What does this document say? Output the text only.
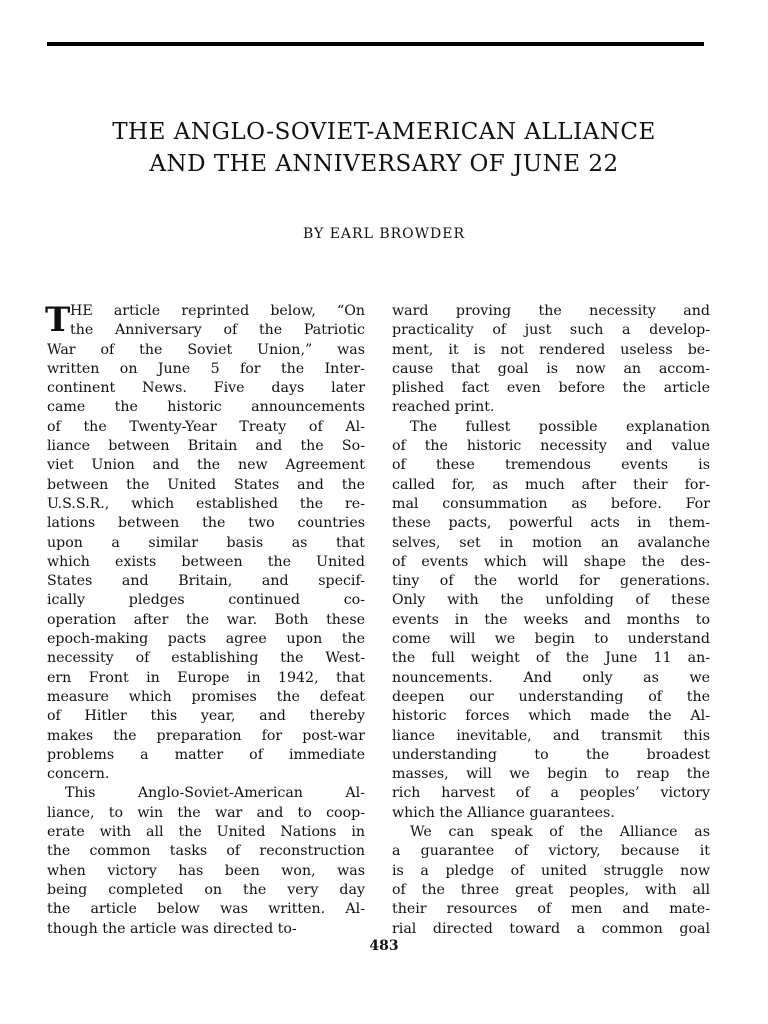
THE ANGLO-SOVIET-AMERICAN ALLIANCE
AND THE ANNIVERSARY OF JUNE 22
BY EARL BROWDER
T HE article reprinted below, “On
the Anniversary of the Patriotic
War of the Soviet Union,” was
written on June 5 for the Inter-
continent News. Five days later
came the historic announcements
of the Twenty-Year Treaty of Al-
liance between Britain and the So-
viet Union and the new Agreement
between the United States and the
U.S.S.R., which established the re-
lations between the two countries
upon a similar basis as that
which exists between the United
States and Britain, and specif-
ically pledges continued co-
operation after the war. Both these
epoch-making pacts agree upon the
necessity of establishing the West-
ern Front in Europe in 1942, that
measure which promises the defeat
of Hitler this year, and thereby
makes the preparation for post-war
problems a matter of immediate
concern.
This Anglo-Soviet-American Al-
liance, to win the war and to coop-
erate with all the United Nations in
the common tasks of reconstruction
when victory has been won, was
being completed on the very day
the article below was written. Al-
though the article was directed to-
ward proving the necessity and
practicality of just such a develop-
ment, it is not rendered useless be-
cause that goal is now an accom-
plished fact even before the article
reached print.
The fullest possible explanation
of the historic necessity and value
of these tremendous events is
called for, as much after their for-
mal consummation as before. For
these pacts, powerful acts in them-
selves, set in motion an avalanche
of events which will shape the des-
tiny of the world for generations.
Only with the unfolding of these
events in the weeks and months to
come will we begin to understand
the full weight of the June 11 an-
nouncements. And only as we
deepen our understanding of the
historic forces which made the Al-
liance inevitable, and transmit this
understanding to the broadest
masses, will we begin to reap the
rich harvest of a peoples’ victory
which the Alliance guarantees.
We can speak of the Alliance as
a guarantee of victory, because it
is a pledge of united struggle now
of the three great peoples, with all
their resources of men and mate-
rial directed toward a common goal
483
